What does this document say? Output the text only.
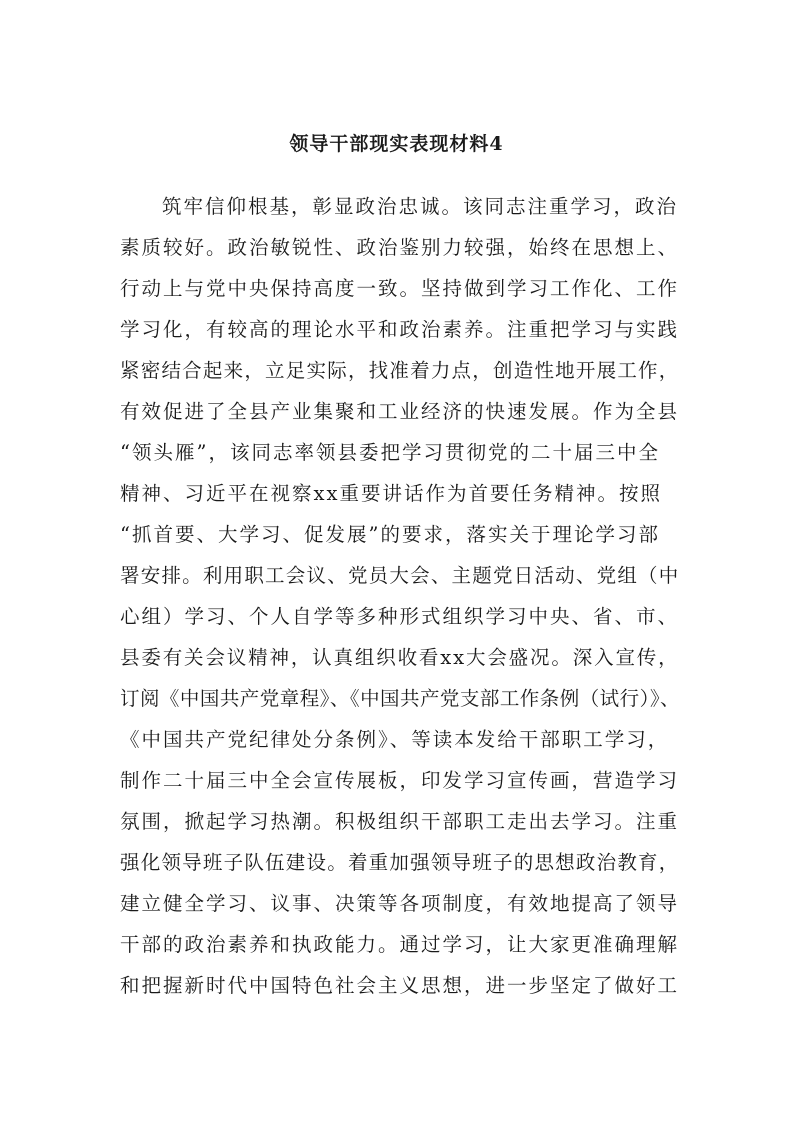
领导干部现实表现材料4
筑牢信仰根基，彰显政治忠诚。该同志注重学习，政治
素质较好。政治敏锐性、政治鉴别力较强，始终在思想上、
行动上与党中央保持高度一致。坚持做到学习工作化、工作
学习化，有较高的理论水平和政治素养。注重把学习与实践
紧密结合起来，立足实际，找准着力点，创造性地开展工作，
有效促进了全县产业集聚和工业经济的快速发展。作为全县
“领头雁”，该同志率领县委把学习贯彻党的二十届三中全
精神、习近平在视察xx重要讲话作为首要任务精神。按照
“抓首要、大学习、促发展”的要求，落实关于理论学习部
署安排。利用职工会议、党员大会、主题党日活动、党组（中
心组）学习、个人自学等多种形式组织学习中央、省、市、
县委有关会议精神，认真组织收看xx大会盛况。深入宣传，
订阅《中国共产党章程》、《中国共产党支部工作条例（试行）》、
《中国共产党纪律处分条例》、等读本发给干部职工学习，
制作二十届三中全会宣传展板，印发学习宣传画，营造学习
氛围，掀起学习热潮。积极组织干部职工走出去学习。注重
强化领导班子队伍建设。着重加强领导班子的思想政治教育，
建立健全学习、议事、决策等各项制度，有效地提高了领导
干部的政治素养和执政能力。通过学习，让大家更准确理解
和把握新时代中国特色社会主义思想，进一步坚定了做好工
